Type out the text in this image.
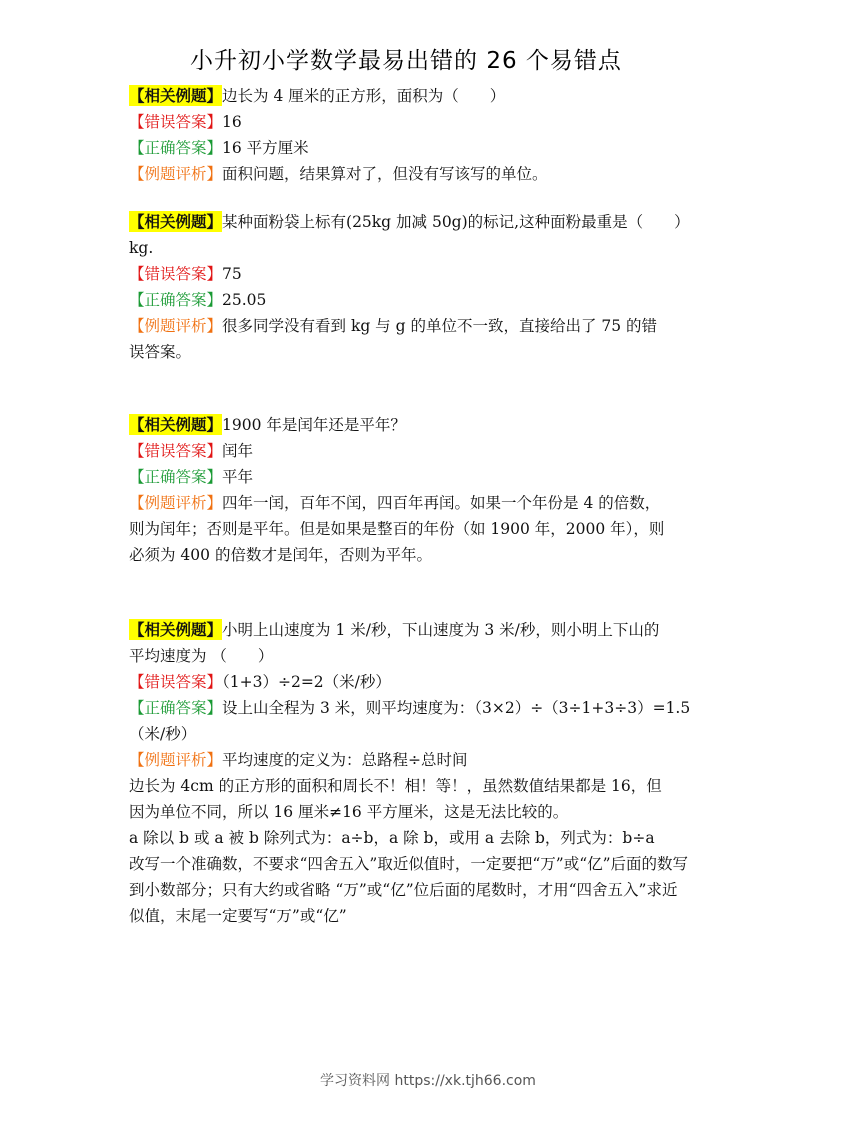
小升初小学数学最易出错的 26 个易错点
【相关例题】边长为 4 厘米的正方形，面积为（　　）
【错误答案】16
【正确答案】16 平方厘米
【例题评析】面积问题，结果算对了，但没有写该写的单位。
【相关例题】某种面粉袋上标有(25kg 加减 50g)的标记,这种面粉最重是（　　）
kg.
【错误答案】75
【正确答案】25.05
【例题评析】很多同学没有看到 kg 与 g 的单位不一致，直接给出了 75 的错
误答案。
【相关例题】1900 年是闰年还是平年？
【错误答案】闰年
【正确答案】平年
【例题评析】四年一闰，百年不闰，四百年再闰。如果一个年份是 4 的倍数，
则为闰年；否则是平年。但是如果是整百的年份（如 1900 年，2000 年），则
必须为 400 的倍数才是闰年，否则为平年。
【相关例题】小明上山速度为 1 米/秒，下山速度为 3 米/秒，则小明上下山的
平均速度为 （　　）
【错误答案】（1+3）÷2=2（米/秒）
【正确答案】设上山全程为 3 米，则平均速度为：（3×2）÷（3÷1+3÷3）=1.5
（米/秒）
【例题评析】平均速度的定义为：总路程÷总时间
边长为 4cm 的正方形的面积和周长不！相！等！，虽然数值结果都是 16，但
因为单位不同，所以 16 厘米≠16 平方厘米，这是无法比较的。
a 除以 b 或 a 被 b 除列式为：a÷b，a 除 b，或用 a 去除 b，列式为：b÷a
改写一个准确数，不要求“四舍五入”取近似值时，一定要把“万”或“亿”后面的数写
到小数部分；只有大约或省略 “万”或“亿”位后面的尾数时，才用“四舍五入”求近
似值，末尾一定要写“万”或“亿”
学习资料网 https://xk.tjh66.com
